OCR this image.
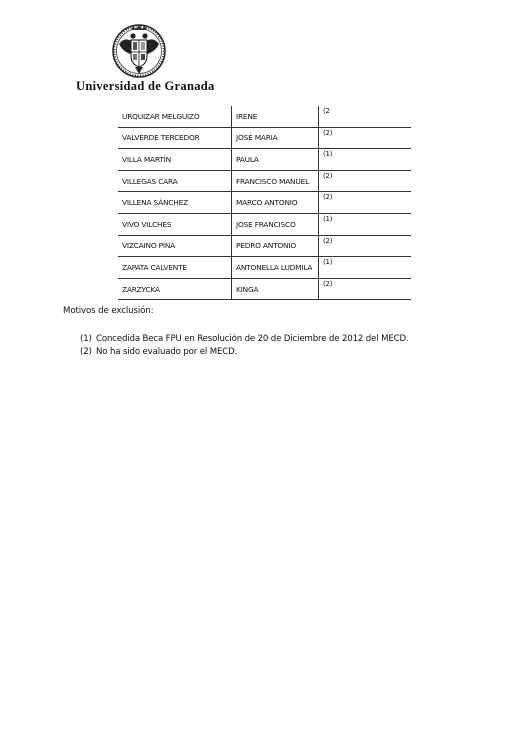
Universidad de Granada
URQUIZAR MELGUIZO	IRENE	(2
VALVERDE TERCEDOR	JOSÉ MARIA	(2)
VILLA MARTÍN	PAULA	(1)
VILLEGAS CARA	FRANCISCO MANUEL	(2)
VILLENA SÁNCHEZ	MARCO ANTONIO	(2)
VIVO VILCHES	JOSE FRANCISCO	(1)
VIZCAINO PINA	PEDRO ANTONIO	(2)
ZAPATA CALVENTE	ANTONELLA LUDMILA	(1)
ZARZYCKA	KINGA	(2)
Motivos de exclusión:
(1) Concedida Beca FPU en Resolución de 20 de Diciembre de 2012 del MECD.
(2) No ha sido evaluado por el MECD.
